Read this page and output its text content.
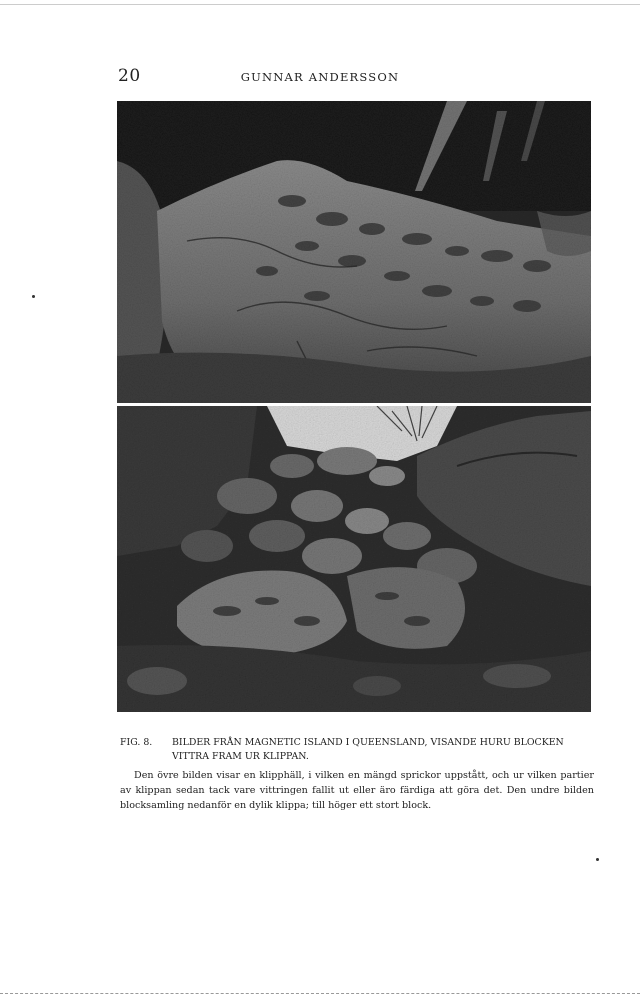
20	GUNNAR ANDERSSON
FIG. 8. BILDER FRÅN MAGNETIC ISLAND I QUEENSLAND, VISANDE HURU BLOCKEN
VITTRA FRAM UR KLIPPAN.
Den övre bilden visar en klipphäll, i vilken en mängd sprickor uppstått, och ur vilken partier av klippan sedan tack vare vittringen fallit ut eller äro färdiga att göra det. Den undre bilden blocksamling nedanför en dylik klippa; till höger ett stort block.
